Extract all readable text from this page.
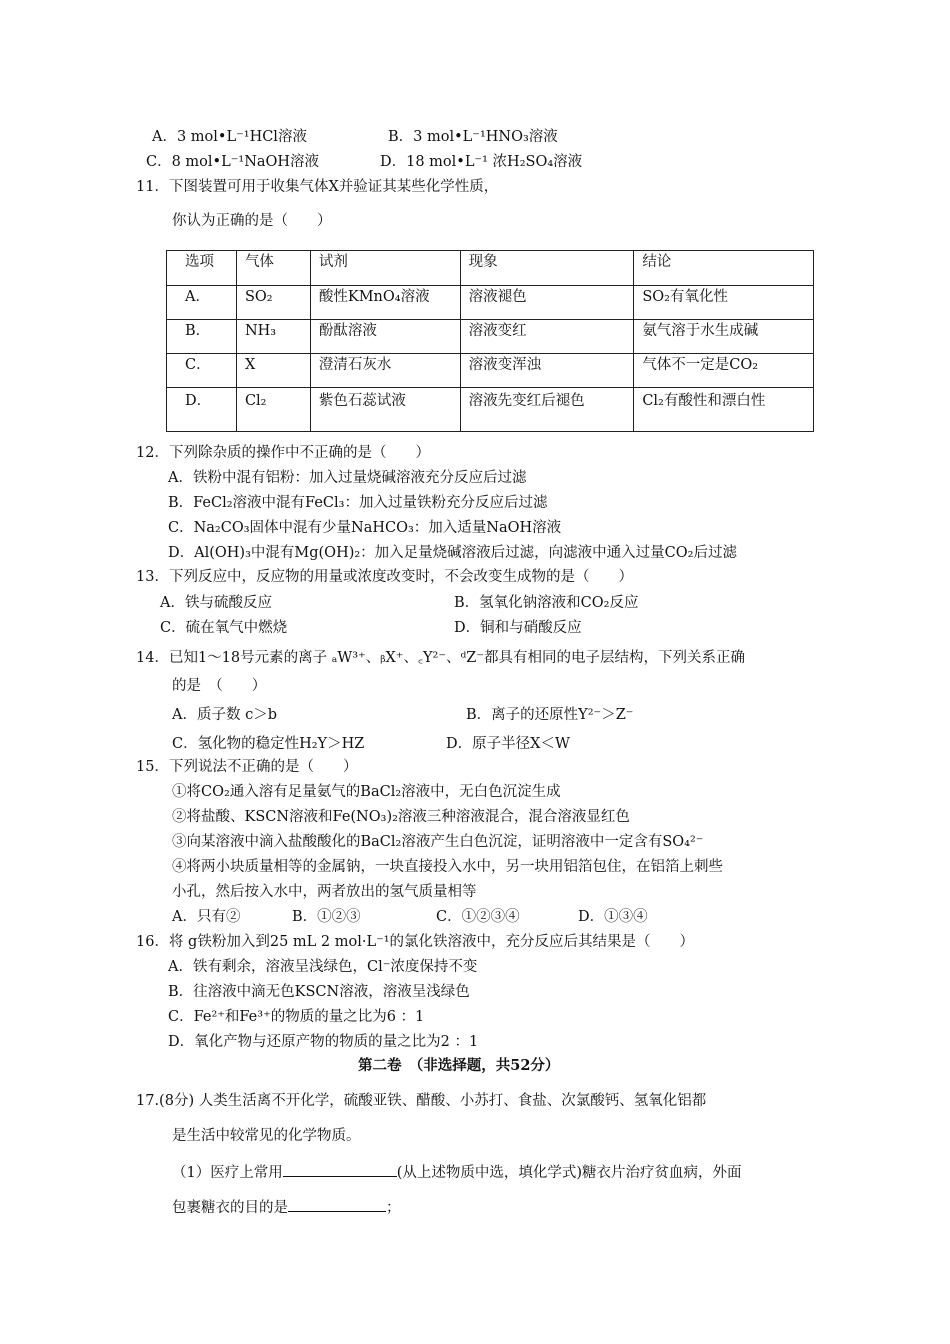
A．3 mol•L⁻¹HCl溶液	B．3 mol•L⁻¹HNO₃溶液
C．8 mol•L⁻¹NaOH溶液	D．18 mol•L⁻¹ 浓H₂SO₄溶液
11．下图装置可用于收集气体X并验证其某些化学性质，
你认为正确的是（　　）
选项	气体	试剂	现象	结论
A．	SO₂	酸性KMnO₄溶液	溶液褪色	SO₂有氧化性
B．	NH₃	酚酞溶液	溶液变红	氨气溶于水生成碱
C．	X	澄清石灰水	溶液变浑浊	气体不一定是CO₂
D．	Cl₂	紫色石蕊试液	溶液先变红后褪色	Cl₂有酸性和漂白性
12．下列除杂质的操作中不正确的是（　　）
A．铁粉中混有铝粉：加入过量烧碱溶液充分反应后过滤
B．FeCl₂溶液中混有FeCl₃：加入过量铁粉充分反应后过滤
C．Na₂CO₃固体中混有少量NaHCO₃：加入适量NaOH溶液
D．Al(OH)₃中混有Mg(OH)₂：加入足量烧碱溶液后过滤，向滤液中通入过量CO₂后过滤
13．下列反应中，反应物的用量或浓度改变时，不会改变生成物的是（　　）
A．铁与硫酸反应	B．氢氧化钠溶液和CO₂反应
C．硫在氧气中燃烧	D．铜和与硝酸反应
14．已知1～18号元素的离子 ₐW³⁺、ᵦX⁺、꜀Y²⁻、ᵈZ⁻都具有相同的电子层结构，下列关系正确
的是　（　　）
A．质子数 c＞b	B．离子的还原性Y²⁻＞Z⁻
C．氢化物的稳定性H₂Y＞HZ	D．原子半径X＜W
15．下列说法不正确的是（　　）
①将CO₂通入溶有足量氨气的BaCl₂溶液中，无白色沉淀生成
②将盐酸、KSCN溶液和Fe(NO₃)₂溶液三种溶液混合，混合溶液显红色
③向某溶液中滴入盐酸酸化的BaCl₂溶液产生白色沉淀，证明溶液中一定含有SO₄²⁻
④将两小块质量相等的金属钠，一块直接投入水中，另一块用铝箔包住，在铝箔上刺些
小孔，然后按入水中，两者放出的氢气质量相等
A．只有②	B．①②③	C．①②③④	D．①③④
16．将 g铁粉加入到25 mL 2 mol·L⁻¹的氯化铁溶液中，充分反应后其结果是（　　）
A．铁有剩余，溶液呈浅绿色，Cl⁻浓度保持不变
B．往溶液中滴无色KSCN溶液，溶液呈浅绿色
C．Fe²⁺和Fe³⁺的物质的量之比为6 ：1
D．氧化产物与还原产物的物质的量之比为2 ：1
第二卷　（非选择题，共52分）
17.(8分) 人类生活离不开化学，硫酸亚铁、醋酸、小苏打、食盐、次氯酸钙、氢氧化铝都
是生活中较常见的化学物质。
（1）医疗上常用	(从上述物质中选，填化学式)糖衣片治疗贫血病，外面
包裹糖衣的目的是	；
